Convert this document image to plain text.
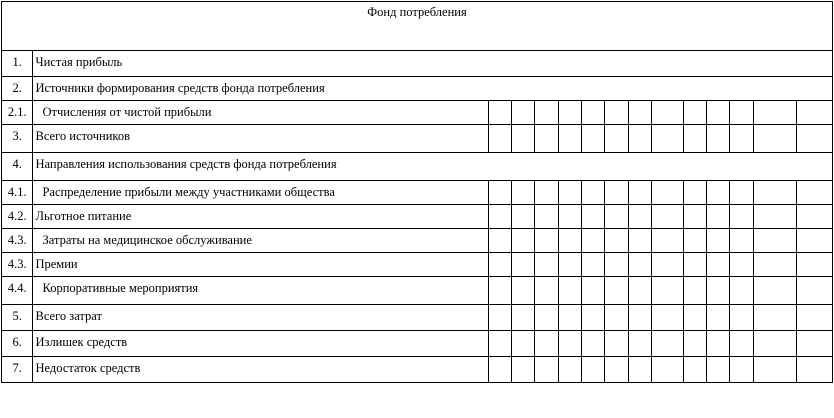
Фонд потребления														
1.	Чистая прибыль													
2.	Источники формирования средств фонда потребления													
2.1.	Отчисления от чистой прибыли													
3.	Всего источников													
4.	Направления использования средств фонда потребления													
4.1.	Распределение прибыли между участниками общества													
4.2.	Льготное питание													
4.3.	Затраты на медицинское обслуживание													
4.3.	Премии													
4.4.	Корпоративные мероприятия													
5.	Всего затрат													
6.	Излишек средств													
7.	Недостаток средств													
